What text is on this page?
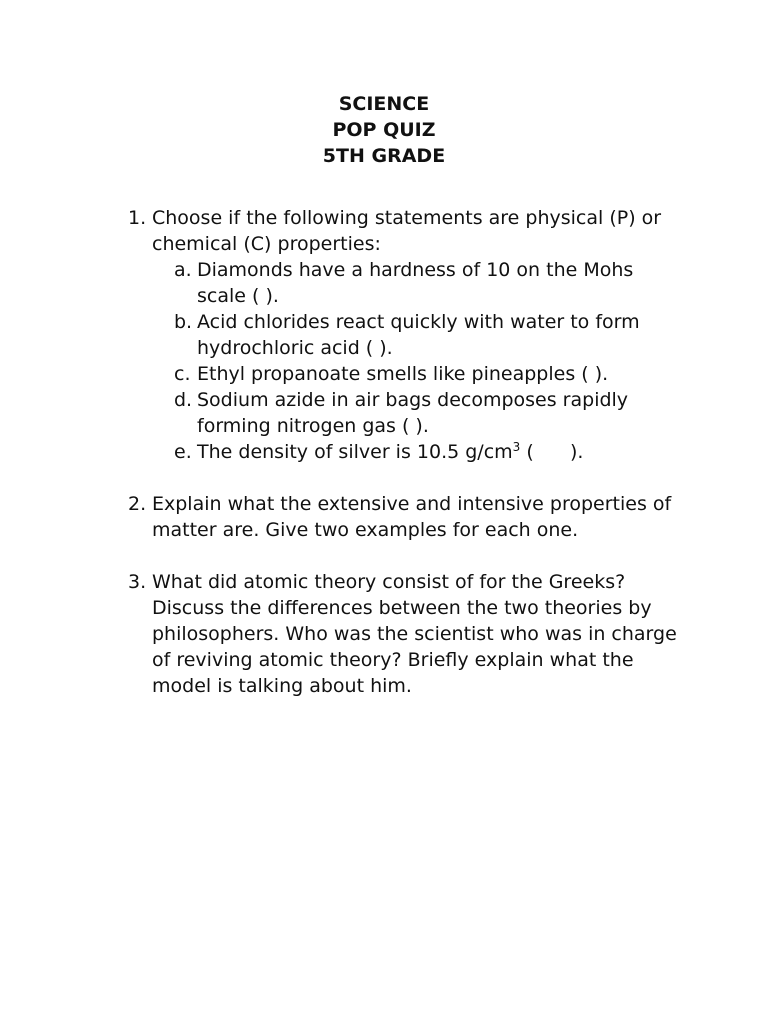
SCIENCE
POP QUIZ
5TH GRADE
1. Choose if the following statements are physical (P) or chemical (C) properties:
a. Diamonds have a hardness of 10 on the Mohs scale ( ).
b. Acid chlorides react quickly with water to form hydrochloric acid ( ).
c. Ethyl propanoate smells like pineapples ( ).
d. Sodium azide in air bags decomposes rapidly forming nitrogen gas ( ).
e. The density of silver is 10.5 $g/cm^3$ (      ).
2. Explain what the extensive and intensive properties of matter are. Give two examples for each one.
3. What did atomic theory consist of for the Greeks? Discuss the differences between the two theories by philosophers. Who was the scientist who was in charge of reviving atomic theory? Briefly explain what the model is talking about him.
